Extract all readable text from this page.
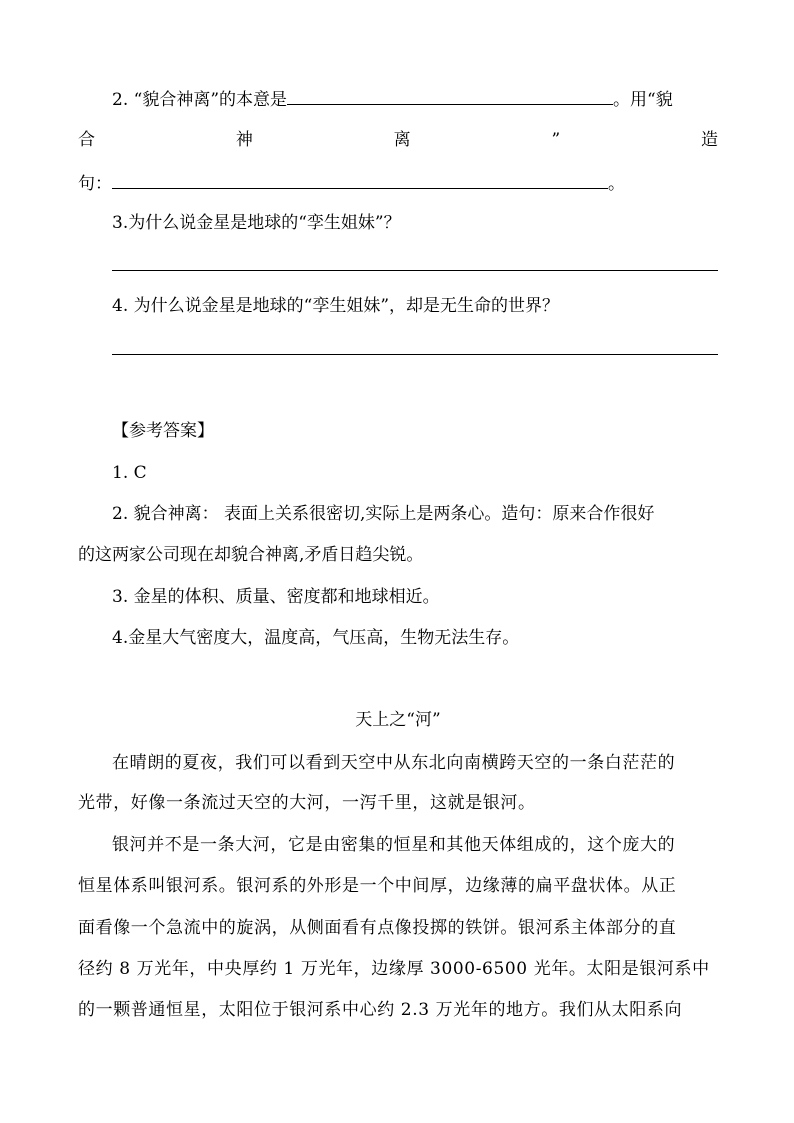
2. “貌合神离”的本意是	。用“貌
合	神	离	”	造
句：	。
3.为什么说金星是地球的“孪生姐妹”？
4. 为什么说金星是地球的“孪生姐妹”，却是无生命的世界？
【参考答案】
1. C
2. 貌合神离： 表面上关系很密切,实际上是两条心。造句：原来合作很好
的这两家公司现在却貌合神离,矛盾日趋尖锐。
3. 金星的体积、质量、密度都和地球相近。
4.金星大气密度大，温度高，气压高，生物无法生存。
天上之“河”
在晴朗的夏夜，我们可以看到天空中从东北向南横跨天空的一条白茫茫的
光带，好像一条流过天空的大河，一泻千里，这就是银河。
银河并不是一条大河，它是由密集的恒星和其他天体组成的，这个庞大的
恒星体系叫银河系。银河系的外形是一个中间厚，边缘薄的扁平盘状体。从正
面看像一个急流中的旋涡，从侧面看有点像投掷的铁饼。银河系主体部分的直
径约 8 万光年，中央厚约 1 万光年，边缘厚 3000-6500 光年。太阳是银河系中
的一颗普通恒星，太阳位于银河系中心约 2.3 万光年的地方。我们从太阳系向
